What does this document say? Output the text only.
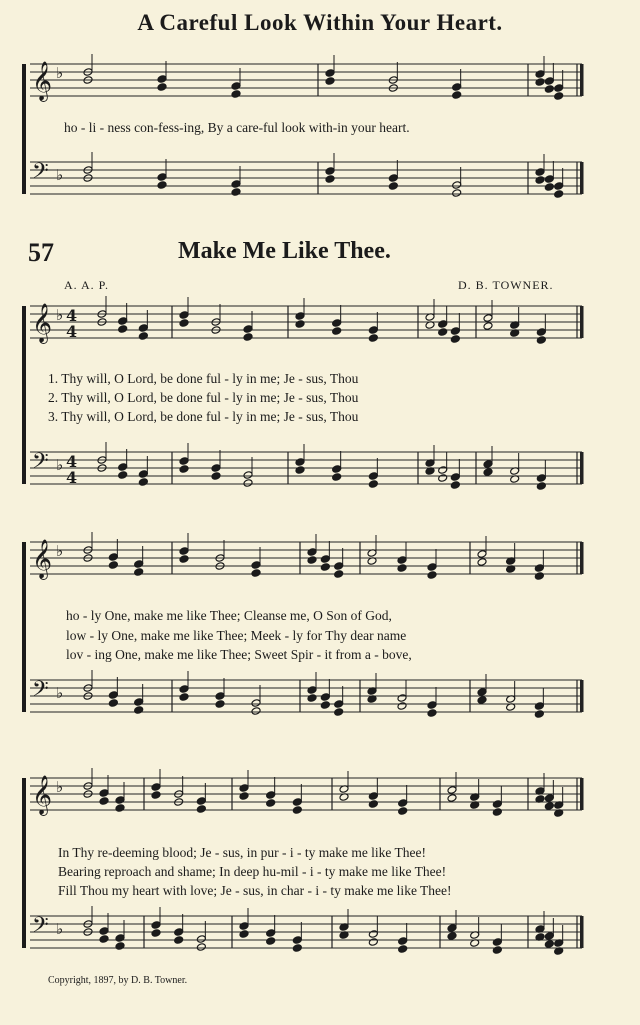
A Careful Look Within Your Heart.
𝄞
𝄢
♭
♭
𝄞
𝄢
♭
♭
4
4
4
4
𝄞
𝄢
♭
♭
𝄞
𝄢
♭
♭
ho - li - ness con-fess-ing, By a care-ful look with-in your heart.
57	Make Me Like Thee.
A. A. P.	D. B. TOWNER.
1. Thy will, O Lord, be done ful - ly in me; Je - sus, Thou
2. Thy will, O Lord, be done ful - ly in me; Je - sus, Thou
3. Thy will, O Lord, be done ful - ly in me; Je - sus, Thou
ho - ly One, make me like Thee; Cleanse me, O Son of God,
low - ly One, make me like Thee; Meek - ly for Thy dear name
lov - ing One, make me like Thee; Sweet Spir - it from a - bove,
In Thy re-deeming blood; Je - sus, in pur - i - ty make me like Thee!
Bearing reproach and shame; In deep hu-mil - i - ty make me like Thee!
Fill Thou my heart with love; Je - sus, in char - i - ty make me like Thee!
Copyright, 1897, by D. B. Towner.
